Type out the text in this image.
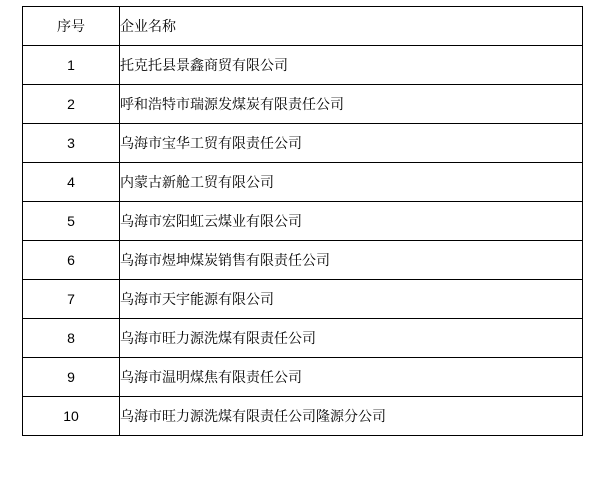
序号	企业名称
1	托克托县景鑫商贸有限公司
2	呼和浩特市瑞源发煤炭有限责任公司
3	乌海市宝华工贸有限责任公司
4	内蒙古新舱工贸有限公司
5	乌海市宏阳虹云煤业有限公司
6	乌海市煜坤煤炭销售有限责任公司
7	乌海市天宇能源有限公司
8	乌海市旺力源洗煤有限责任公司
9	乌海市温明煤焦有限责任公司
10	乌海市旺力源洗煤有限责任公司隆源分公司
